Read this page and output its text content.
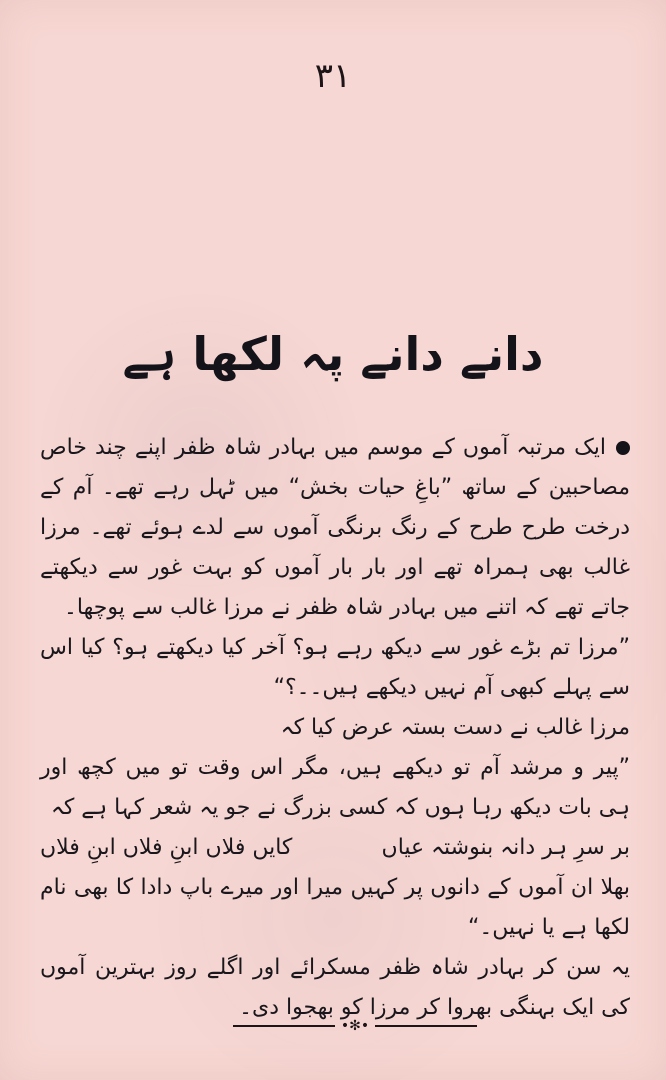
۳۱
دانے دانے پہ لکھا ہے

ایک مرتبہ آموں کے موسم میں بہادر شاہ ظفر اپنے چند خاص مصاحبین کے ساتھ ”باغِ حیات بخش“ میں ٹہل رہے تھے۔ آم کے درخت طرح طرح کے رنگ برنگی آموں سے لدے ہوئے تھے۔ مرزا غالب بھی ہمراہ تھے اور بار بار آموں کو بہت غور سے دیکھتے جاتے تھے کہ اتنے میں بہادر شاہ ظفر نے مرزا غالب سے پوچھا۔

”مرزا تم بڑے غور سے دیکھ رہے ہو؟ آخر کیا دیکھتے ہو؟ کیا اس سے پہلے کبھی آم نہیں دیکھے ہیں۔۔؟“

مرزا غالب نے دست بستہ عرض کیا کہ

”پیر و مرشد آم تو دیکھے ہیں، مگر اس وقت تو میں کچھ اور ہی بات دیکھ رہا ہوں کہ کسی بزرگ نے جو یہ شعر کہا ہے کہ

بر سرِ ہر دانہ بنوشتہ عیاں
کایں فلاں ابنِ فلاں ابنِ فلاں

بھلا ان آموں کے دانوں پر کہیں میرا اور میرے باپ دادا کا بھی نام لکھا ہے یا نہیں۔“

یہ سن کر بہادر شاہ ظفر مسکرائے اور اگلے روز بہترین آموں کی ایک بہنگی بھروا کر مرزا کو بھجوا دی۔

•✻•
